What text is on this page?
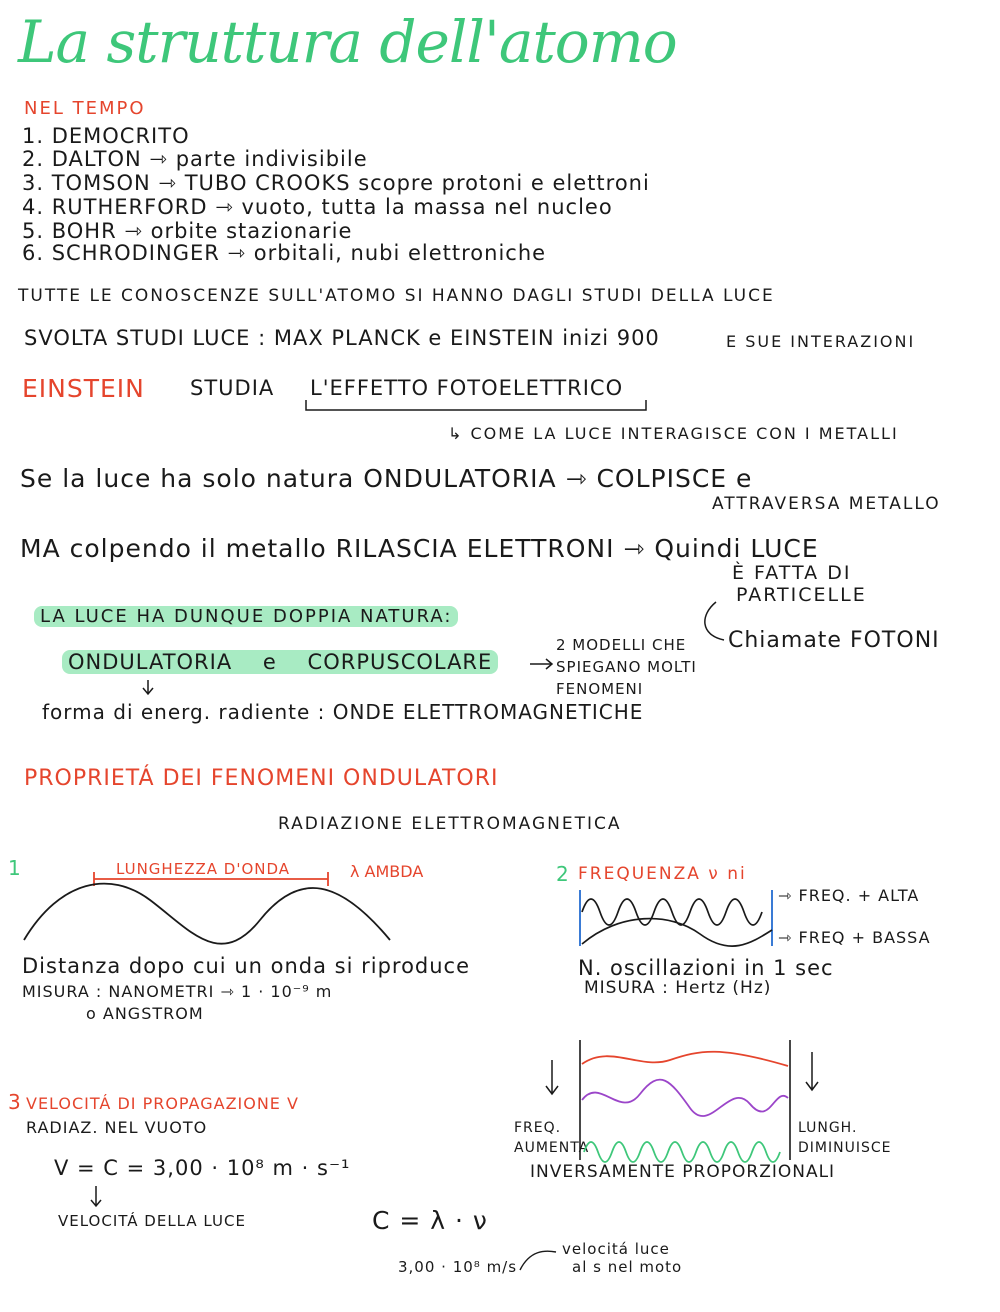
La struttura dell'atomo
NEL TEMPO
1. DEMOCRITO
2. DALTON ⇾ parte indivisibile
3. TOMSON ⇾ TUBO CROOKS scopre protoni e elettroni
4. RUTHERFORD ⇾ vuoto, tutta la massa nel nucleo
5. BOHR ⇾ orbite stazionarie
6. SCHRODINGER ⇾ orbitali, nubi elettroniche
TUTTE LE CONOSCENZE SULL'ATOMO SI HANNO DAGLI STUDI DELLA LUCE
SVOLTA STUDI LUCE : MAX PLANCK e EINSTEIN inizi 900	E SUE INTERAZIONI
EINSTEIN STUDIA L'EFFETTO FOTOELETTRICO
↳ COME LA LUCE INTERAGISCE CON I METALLI
Se la luce ha solo natura ONDULATORIA ⇾ COLPISCE e
ATTRAVERSA METALLO
MA colpendo il metallo RILASCIA ELETTRONI ⇾ Quindi LUCE
È FATTA DI
PARTICELLE
Chiamate FOTONI
LA LUCE HA DUNQUE DOPPIA NATURA:
ONDULATORIA e CORPUSCOLARE
2 MODELLI CHE
SPIEGANO MOLTI
FENOMENI
forma di energ. radiente : ONDE ELETTROMAGNETICHE
PROPRIETÁ DEI FENOMENI ONDULATORI
RADIAZIONE ELETTROMAGNETICA
1	LUNGHEZZA D'ONDA	λ AMBDA
Distanza dopo cui un onda si riproduce
MISURA : NANOMETRI ⇾ 1 · 10⁻⁹ m
o ANGSTROM
2 FREQUENZA ν ni
⇾ FREQ. + ALTA
⇾ FREQ + BASSA
N. oscillazioni in 1 sec
MISURA : Hertz (Hz)
3 VELOCITÁ DI PROPAGAZIONE V
RADIAZ. NEL VUOTO
V = C = 3,00 · 10⁸ m · s⁻¹
VELOCITÁ DELLA LUCE	C = λ · ν
3,00 · 10⁸ m/s
velocitá luce
al s nel moto
FREQ.
AUMENTA
LUNGH.
DIMINUISCE
INVERSAMENTE PROPORZIONALI
